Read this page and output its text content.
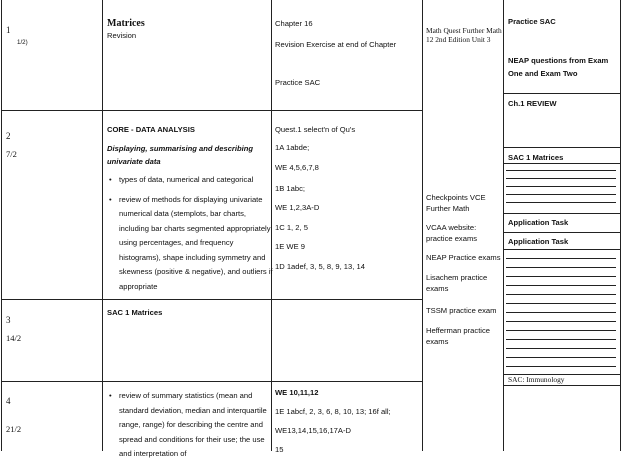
1
1/2)
Matrices
Revision
Chapter 16
Revision Exercise at end of Chapter
Practice SAC
2
7/2
CORE - DATA ANALYSIS
Displaying, summarising and describing univariate data
• types of data, numerical and categorical
• review of methods for displaying univariate numerical data (stemplots, bar charts, including bar charts segmented appropriately using percentages, and frequency histograms), shape including symmetry and skewness (positive & negative), and outliers if appropriate
Quest.1 select'n of Qu's
1A 1abde;
WE 4,5,6,7,8
1B 1abc;
WE 1,2,3A-D
1C 1, 2, 5
1E WE 9
1D 1adef, 3, 5, 8, 9, 13, 14
3
14/2
SAC 1 Matrices
4
21/2
• review of summary statistics (mean and standard deviation, median and interquartile range, range) for describing the centre and spread and conditions for their use; the use and interpretation of
WE 10,11,12
1E 1abcf, 2, 3, 6, 8, 10, 13; 16f all;
WE13,14,15,16,17A-D
15
Math Quest Further Math 12 2nd Edition Unit 3
Checkpoints VCE Further Math
VCAA website: practice exams
NEAP Practice exams
Lisachem practice exams
TSSM practice exam
Hefferman practice exams
Practice SAC
NEAP questions from Exam One and Exam Two
Ch.1 REVIEW
SAC 1 Matrices
Application Task
Application Task
SAC: Immunology
